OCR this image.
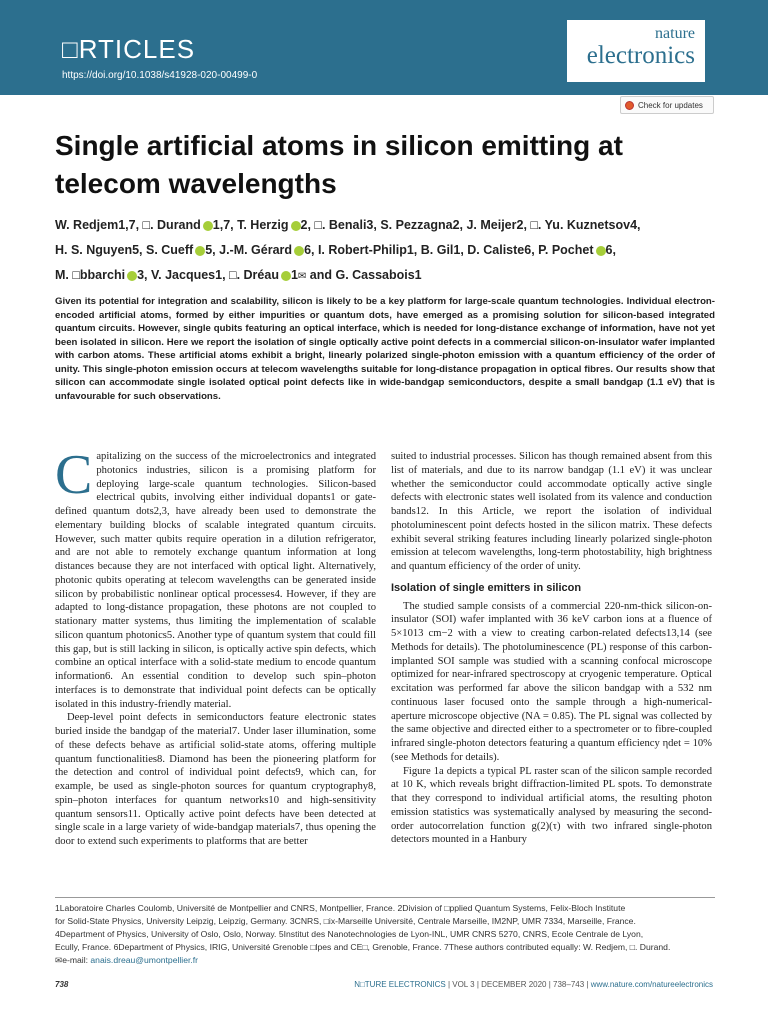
□RTICLES
https://doi.org/10.1038/s41928-020-00499-0
nature
electronics
Check for updates
Single artificial atoms in silicon emitting at telecom wavelengths

W. Redjem1,7, □. Durand 1,7, T. Herzig 2, □. Benali3, S. Pezzagna2, J. Meijer2, □. Yu. Kuznetsov4,
H. S. Nguyen5, S. Cueff 5, J.-M. Gérard 6, I. Robert-Philip1, B. Gil1, D. Caliste6, P. Pochet 6,
M. □bbarchi 3, V. Jacques1, □. Dréau 1✉ and G. Cassabois1

Given its potential for integration and scalability, silicon is likely to be a key platform for large-scale quantum technologies. Individual electron-encoded artificial atoms, formed by either impurities or quantum dots, have emerged as a promising solution for silicon-based integrated quantum circuits. However, single qubits featuring an optical interface, which is needed for long-distance exchange of information, have not yet been isolated in silicon. Here we report the isolation of single optically active point defects in a commercial silicon-on-insulator wafer implanted with carbon atoms. These artificial atoms exhibit a bright, linearly polarized single-photon emission with a quantum efficiency of the order of unity. This single-photon emission occurs at telecom wavelengths suitable for long-distance propagation in optical fibres. Our results show that silicon can accommodate single isolated optical point defects like in wide-bandgap semiconductors, despite a small bandgap (1.1 eV) that is unfavourable for such observations.

Capitalizing on the success of the microelectronics and integrated photonics industries, silicon is a promising platform for deploying large-scale quantum technologies. Silicon-based electrical qubits, involving either individual dopants1 or gate-defined quantum dots2,3, have already been used to demonstrate the elementary building blocks of scalable integrated quantum circuits. However, such matter qubits require operation in a dilution refrigerator, and are not able to remotely exchange quantum information at long distances because they are not interfaced with optical light. Alternatively, photonic qubits operating at telecom wavelengths can be generated inside silicon by probabilistic nonlinear optical processes4. However, if they are adapted to long-distance propagation, these photons are not coupled to stationary matter systems, thus limiting the implementation of scalable silicon quantum photonics5. Another type of quantum system that could fill this gap, but is still lacking in silicon, is optically active spin defects, which combine an optical interface with a solid-state medium to encode quantum information6. An essential condition to develop such spin–photon interfaces is to demonstrate that individual point defects can be optically isolated in this industry-friendly material.

Deep-level point defects in semiconductors feature electronic states buried inside the bandgap of the material7. Under laser illumination, some of these defects behave as artificial solid-state atoms, offering multiple quantum functionalities8. Diamond has been the pioneering platform for the detection and control of individual point defects9, which can, for example, be used as single-photon sources for quantum cryptography8, spin–photon interfaces for quantum networks10 and high-sensitivity quantum sensors11. Optically active point defects have been detected at single scale in a large variety of wide-bandgap materials7, thus opening the door to extend such experiments to platforms that are better

suited to industrial processes. Silicon has though remained absent from this list of materials, and due to its narrow bandgap (1.1 eV) it was unclear whether the semiconductor could accommodate optically active single defects with electronic states well isolated from its valence and conduction bands12. In this Article, we report the isolation of individual photoluminescent point defects hosted in the silicon matrix. These defects exhibit several striking features including linearly polarized single-photon emission at telecom wavelengths, long-term photostability, high brightness and quantum efficiency of the order of unity.

Isolation of single emitters in silicon

The studied sample consists of a commercial 220-nm-thick silicon-on-insulator (SOI) wafer implanted with 36 keV carbon ions at a fluence of 5×1013 cm−2 with a view to creating carbon-related defects13,14 (see Methods for details). The photoluminescence (PL) response of this carbon-implanted SOI sample was studied with a scanning confocal microscope optimized for near-infrared spectroscopy at cryogenic temperature. Optical excitation was performed far above the silicon bandgap with a 532 nm continuous laser focused onto the sample through a high-numerical-aperture microscope objective (NA = 0.85). The PL signal was collected by the same objective and directed either to a spectrometer or to fibre-coupled infrared single-photon detectors featuring a quantum efficiency ηdet = 10% (see Methods for details).

Figure 1a depicts a typical PL raster scan of the silicon sample recorded at 10 K, which reveals bright diffraction-limited PL spots. To demonstrate that they correspond to individual artificial atoms, the resulting photon emission statistics was systematically analysed by measuring the second-order autocorrelation function g(2)(τ) with two infrared single-photon detectors mounted in a Hanbury

1Laboratoire Charles Coulomb, Université de Montpellier and CNRS, Montpellier, France. 2Division of □pplied Quantum Systems, Felix-Bloch Institute

for Solid-State Physics, University Leipzig, Leipzig, Germany. 3CNRS, □ix-Marseille Université, Centrale Marseille, IM2NP, UMR 7334, Marseille, France.

4Department of Physics, University of Oslo, Oslo, Norway. 5Institut des Nanotechnologies de Lyon-INL, UMR CNRS 5270, CNRS, Ecole Centrale de Lyon,

Ecully, France. 6Department of Physics, IRIG, Université Grenoble □lpes and CE□, Grenoble, France. 7These authors contributed equally: W. Redjem, □. Durand.

✉e-mail: anais.dreau@umontpellier.fr

738	N□TURE ELECTRONICS | VOL 3 | DECEMBER 2020 | 738–743 | www.nature.com/natureelectronics
